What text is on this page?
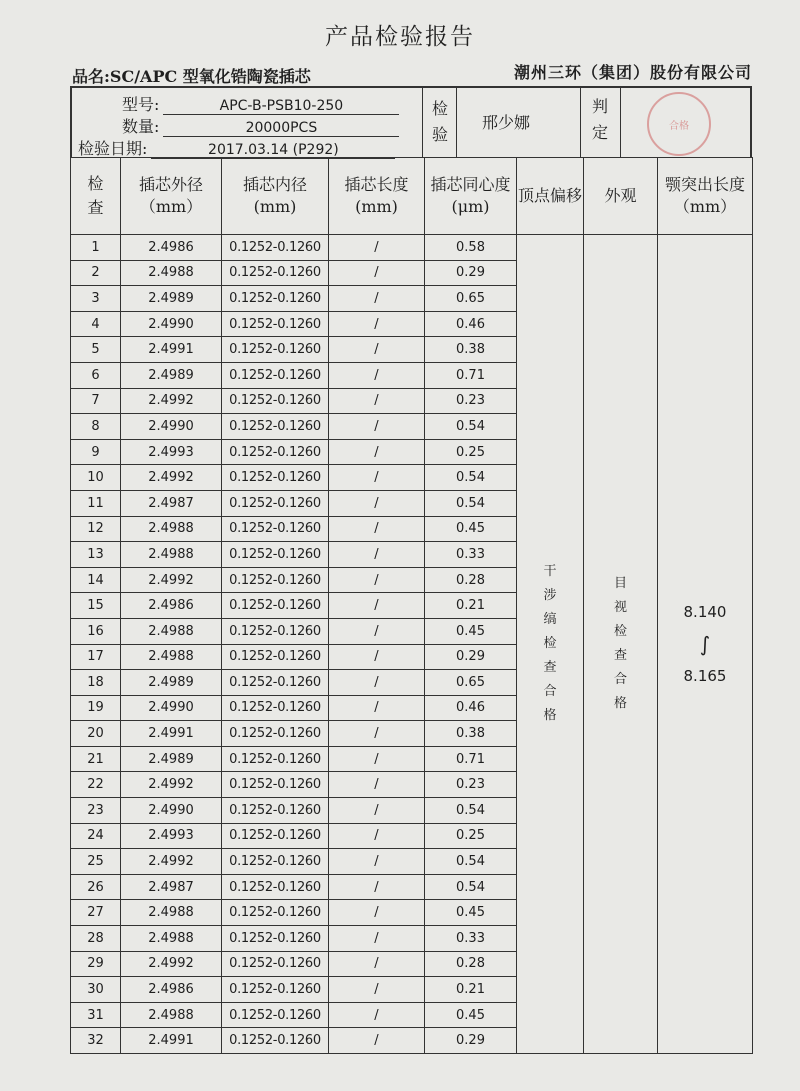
产品检验报告
品名:SC/APC 型氧化锆陶瓷插芯	潮州三环（集团）股份有限公司
型号:	APC-B-PSB10-250
数量:	20000PCS
检验日期:	2017.03.14 (P292)
检验
邢少娜
判定	合格
检查	插芯外径（mm）	插芯内径(mm)	插芯长度(mm)	插芯同心度(μm)	顶点偏移	外观	颚突出长度（mm）
1	2.4986	0.1252-0.1260	/	0.58	干涉缟检查合格	目视检查合格	8.140
∫
8.165

2	2.4988	0.1252-0.1260	/	0.29			
3	2.4989	0.1252-0.1260	/	0.65			
4	2.4990	0.1252-0.1260	/	0.46			
5	2.4991	0.1252-0.1260	/	0.38			
6	2.4989	0.1252-0.1260	/	0.71			
7	2.4992	0.1252-0.1260	/	0.23			
8	2.4990	0.1252-0.1260	/	0.54			
9	2.4993	0.1252-0.1260	/	0.25			
10	2.4992	0.1252-0.1260	/	0.54			
11	2.4987	0.1252-0.1260	/	0.54			
12	2.4988	0.1252-0.1260	/	0.45			
13	2.4988	0.1252-0.1260	/	0.33			
14	2.4992	0.1252-0.1260	/	0.28			
15	2.4986	0.1252-0.1260	/	0.21			
16	2.4988	0.1252-0.1260	/	0.45			
17	2.4988	0.1252-0.1260	/	0.29			
18	2.4989	0.1252-0.1260	/	0.65			
19	2.4990	0.1252-0.1260	/	0.46			
20	2.4991	0.1252-0.1260	/	0.38			
21	2.4989	0.1252-0.1260	/	0.71			
22	2.4992	0.1252-0.1260	/	0.23			
23	2.4990	0.1252-0.1260	/	0.54			
24	2.4993	0.1252-0.1260	/	0.25			
25	2.4992	0.1252-0.1260	/	0.54			
26	2.4987	0.1252-0.1260	/	0.54			
27	2.4988	0.1252-0.1260	/	0.45			
28	2.4988	0.1252-0.1260	/	0.33			
29	2.4992	0.1252-0.1260	/	0.28			
30	2.4986	0.1252-0.1260	/	0.21			
31	2.4988	0.1252-0.1260	/	0.45			
32	2.4991	0.1252-0.1260	/	0.29			
